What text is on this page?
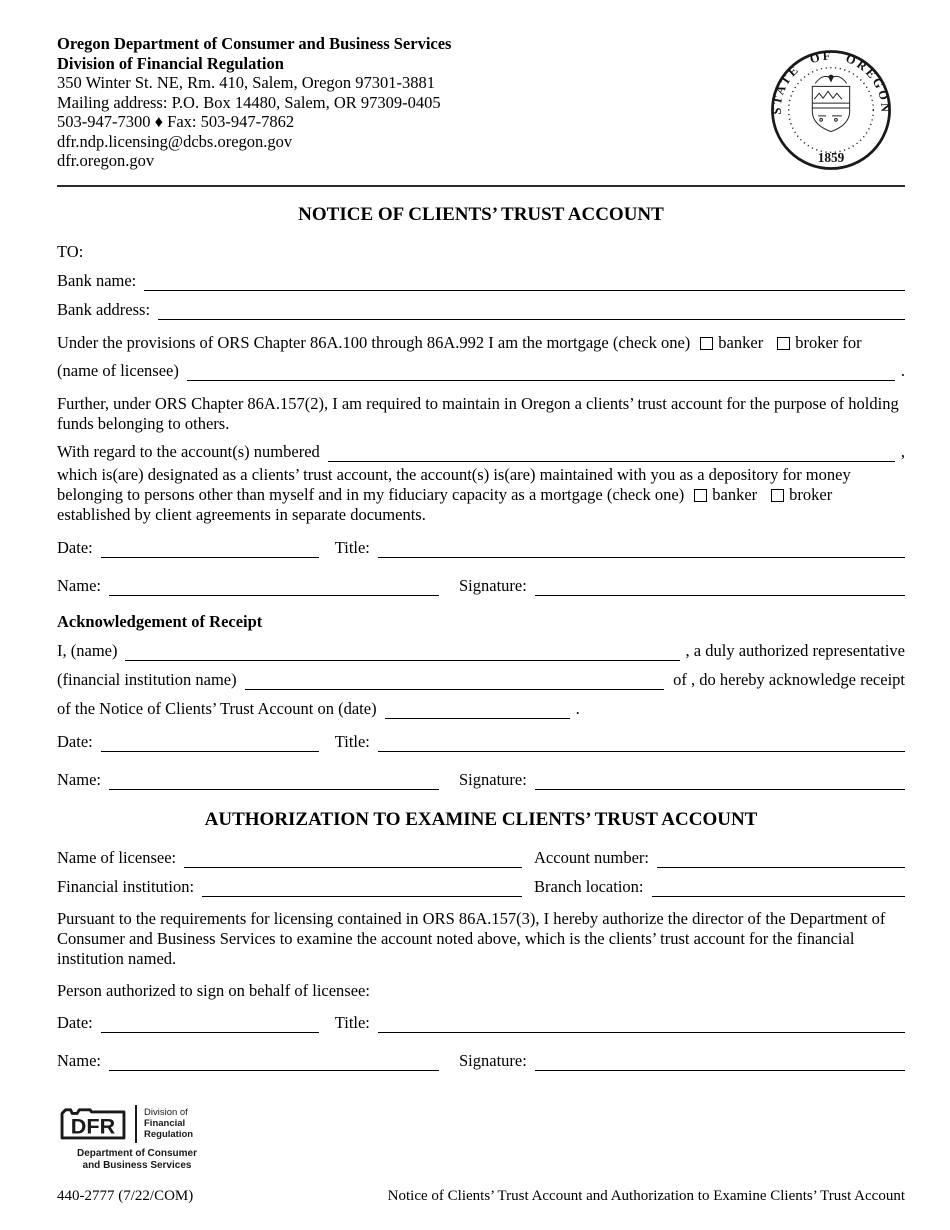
Oregon Department of Consumer and Business Services
Division of Financial Regulation
350 Winter St. NE, Rm. 410, Salem, Oregon 97301-3881
Mailing address: P.O. Box 14480, Salem, OR 97309-0405
503-947-7300 ♦ Fax: 503-947-7862
dfr.ndp.licensing@dcbs.oregon.gov
dfr.oregon.gov
STATE OF OREGON
1859
NOTICE OF CLIENTS’ TRUST ACCOUNT
TO:
Bank name:
Bank address:

Under the provisions of ORS Chapter 86A.100 through 86A.992 I am the mortgage (check one) banker broker for

(name of licensee)	.

Further, under ORS Chapter 86A.157(2), I am required to maintain in Oregon a clients’ trust account for the purpose of holding funds belonging to others.

With regard to the account(s) numbered	,

which is(are) designated as a clients’ trust account, the account(s) is(are) maintained with you as a depository for money belonging to persons other than myself and in my fiduciary capacity as a mortgage (check one) banker broker established by client agreements in separate documents.

Date:	Title:
Name:	Signature:
Acknowledgement of Receipt
I, (name)	, a duly authorized representative
(financial institution name)	of , do hereby acknowledge receipt
of the Notice of Clients’ Trust Account on (date)	.
Date:	Title:
Name:	Signature:
AUTHORIZATION TO EXAMINE CLIENTS’ TRUST ACCOUNT
Name of licensee:	Account number:
Financial institution:	Branch location:

Pursuant to the requirements for licensing contained in ORS 86A.157(3), I hereby authorize the director of the Department of Consumer and Business Services to examine the account noted above, which is the clients’ trust account for the financial institution named.

Person authorized to sign on behalf of licensee:
Date:	Title:
Name:	Signature:
DFR
Division of
Financial
Regulation
Department of Consumer
and Business Services
440-2777 (7/22/COM)	Notice of Clients’ Trust Account and Authorization to Examine Clients’ Trust Account
